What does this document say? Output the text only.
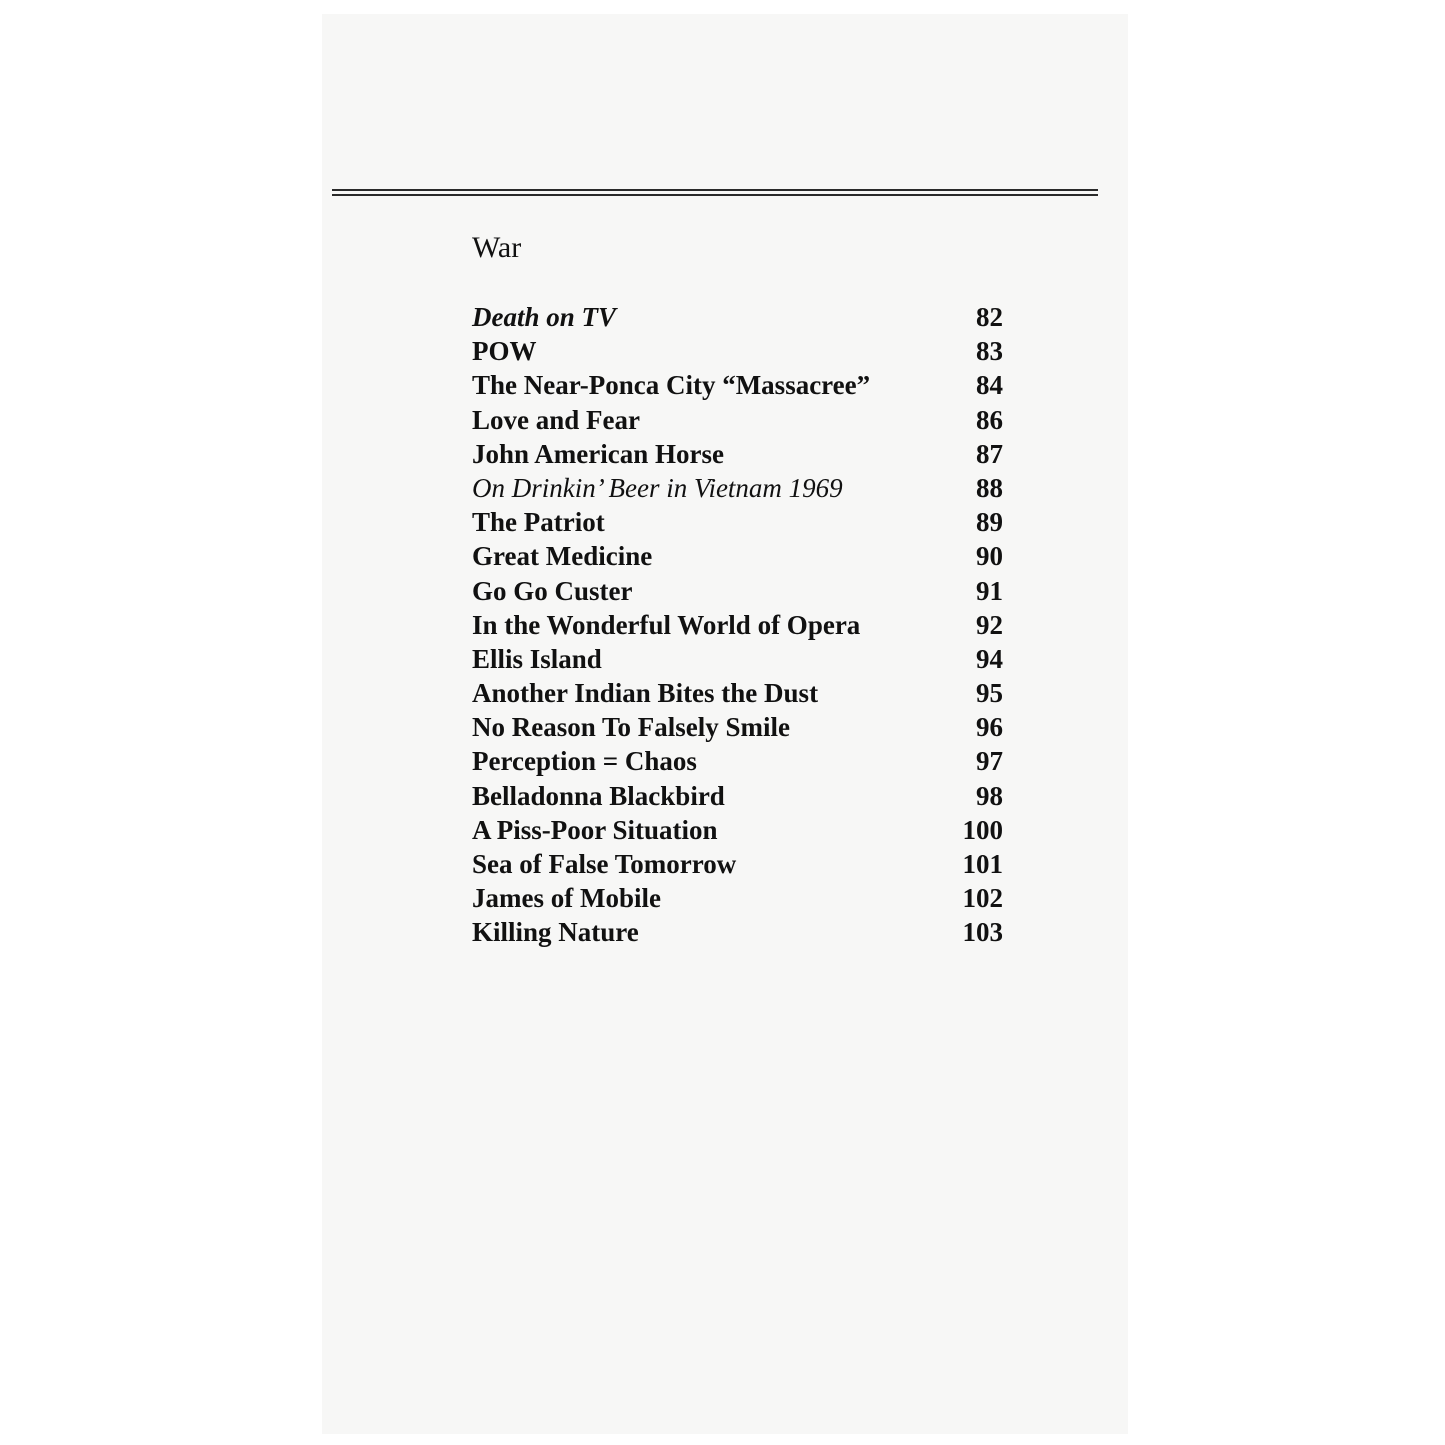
War
Death on TV	82
POW	83
The Near-Ponca City “Massacree”	84
Love and Fear	86
John American Horse	87
On Drinkin’ Beer in Vietnam 1969	88
The Patriot	89
Great Medicine	90
Go Go Custer	91
In the Wonderful World of Opera	92
Ellis Island	94
Another Indian Bites the Dust	95
No Reason To Falsely Smile	96
Perception = Chaos	97
Belladonna Blackbird	98
A Piss-Poor Situation	100
Sea of False Tomorrow	101
James of Mobile	102
Killing Nature	103
